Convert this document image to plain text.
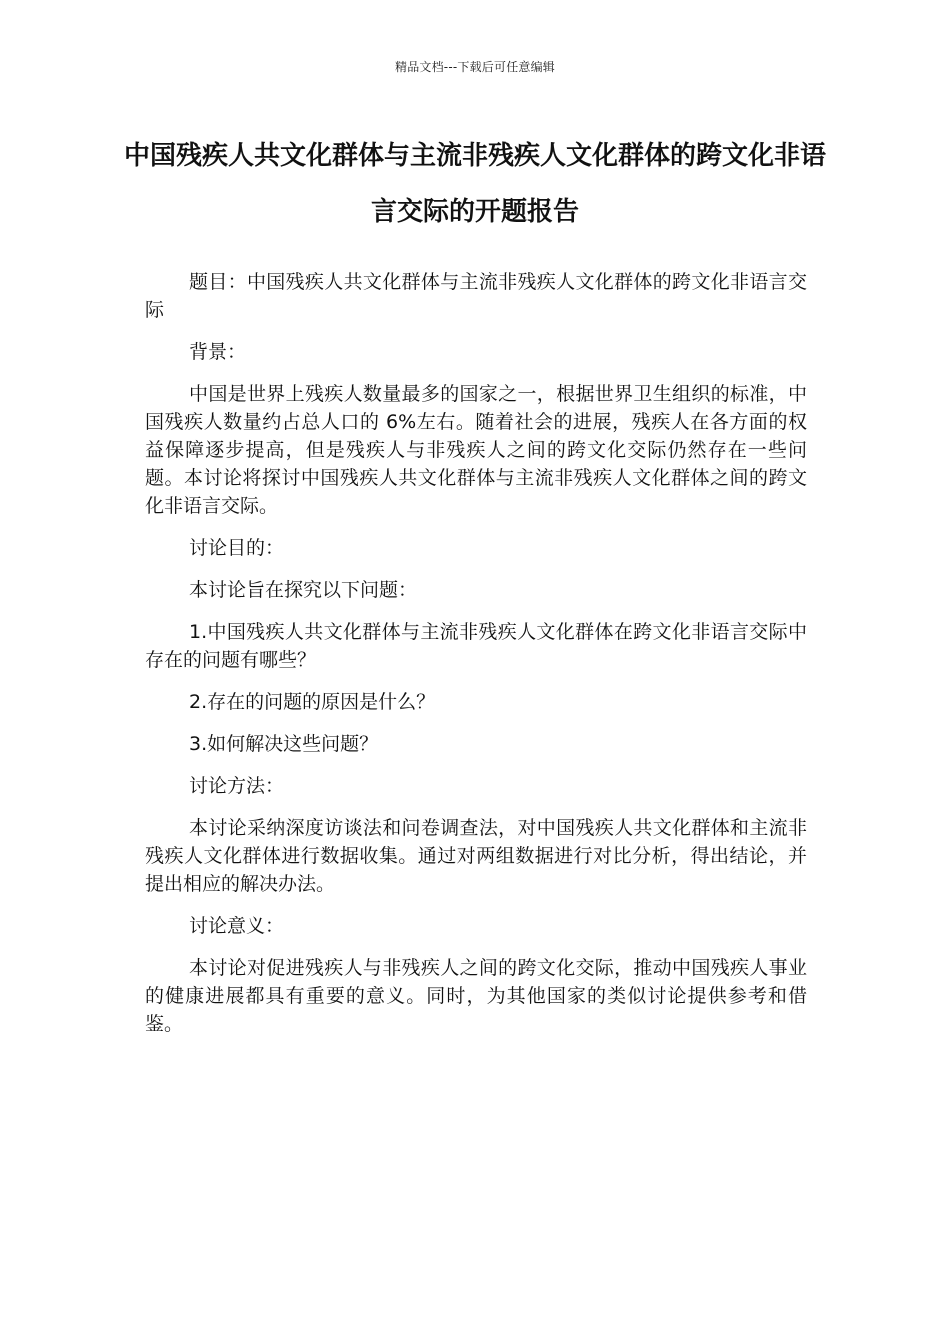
精品文档---下载后可任意编辑
中国残疾人共文化群体与主流非残疾人文化群体的跨文化非语言交际的开题报告

题目：中国残疾人共文化群体与主流非残疾人文化群体的跨文化非语言交际

背景：

中国是世界上残疾人数量最多的国家之一，根据世界卫生组织的标准，中国残疾人数量约占总人口的 6%左右。随着社会的进展，残疾人在各方面的权益保障逐步提高，但是残疾人与非残疾人之间的跨文化交际仍然存在一些问题。本讨论将探讨中国残疾人共文化群体与主流非残疾人文化群体之间的跨文化非语言交际。

讨论目的：

本讨论旨在探究以下问题：

1.中国残疾人共文化群体与主流非残疾人文化群体在跨文化非语言交际中存在的问题有哪些？

2.存在的问题的原因是什么？

3.如何解决这些问题？

讨论方法：

本讨论采纳深度访谈法和问卷调查法，对中国残疾人共文化群体和主流非残疾人文化群体进行数据收集。通过对两组数据进行对比分析，得出结论，并提出相应的解决办法。

讨论意义：

本讨论对促进残疾人与非残疾人之间的跨文化交际，推动中国残疾人事业的健康进展都具有重要的意义。同时，为其他国家的类似讨论提供参考和借鉴。
